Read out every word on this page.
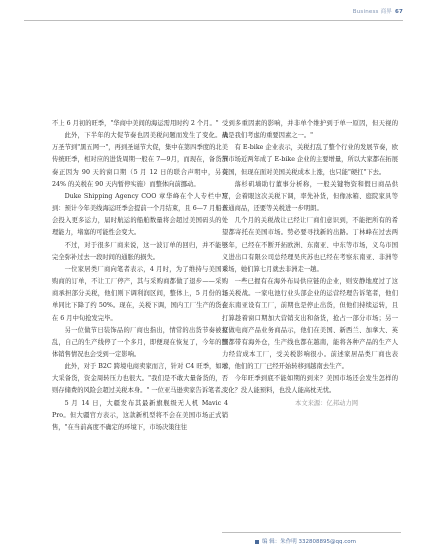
Business 商界 67

不上 6 月初的旺季，"华商中美间的海运需用时约 2 个月。"

此外，下半年的大促节奏也因美税问题而发生了变化。从万圣节到"黑五网一"，再到圣诞节大促，集中在第四季度的北美传统旺季，相对应的进货周期一般在 7—9月，而现在，备货节奏正因为 90 天的窗口期（5 月 12 日的联合声明中，另有 24% 的关税在 90 天内暂停实施）而整体向前挪动。

Duke Shipping Agency COO 章华峰在个人专栏中写到：预计今年美线海运旺季会提前一个月结束，且 6—7 月船东会投入更多运力，届时航运的船舶数量将会超过美国码头的处理能力，堵塞的可能性会变大。

不过，对于很多厂商来说，这一波订单的回归，并不能够完全弥补过去一段时间的通胀的损失。

一位家居类厂商向笔者表示，4 月时，为了维持与美国采购商的订单，不让工厂停产，其与采购商都做了退步——采购商承担部分关税，他们则下调利润区间，整体上，5 月份的订单同比下降了约 50%。现在，关税下调，国内工厂生产的货会在 6 月中旬抢发完毕。

另一位做节日装饰品的厂商也指出，情常的出货节奏被打乱，自己的生产线停了一个多月，即便现在恢复了，今年的整体销售情况也会受到一定影响。

此外，对于 B2C 跨境电商卖家而言，针对 C4 旺季，如增大采备货，资金周转压力也很大。"我们是不敢大量备货的，否则存储费的风险会超过关税本身。" 一位亚马逊卖家告诉笔者。

5 月 14 日，大疆发布其最新旗舰级无人机 Mavic 4 Pro。但大疆官方表示，这款新机型将不会在美国市场正式销售，"在当前高度不确定的环境下，市场决策往往

受到多重因素的影响，并非单个维护到于单一原因，但天视的确是我们考虑的重要因素之一。"

有 E-bike 企业表示，关税打乱了整个行业的发展节奏，欧洲市场近两年成了 E-bike 企业的主要增量，所以大家都在拓展美国，但现在面对美国关税成本上涨，也只能"硬扛"下去。

落杉矶墙助行董事分析称，一般关键物资和假日商品供应，会着眼这次关税下调，率先补货，但像冰箱、庭院家具等普通商品，还要等关税进一步明朗。

几个月的关税战让已经让厂商们意识到，不能把所有的希望都寄托在美国市场。势必要寻找新的出路。丁林峰在过去两三年，已经在不断开拓欧洲、东南亚、中东等市场，义乌市国义进出口有限公司总经理吴庆苏也已经在考察东南亚、非洲等市场，她们算七月就去非洲走一趟。

一些已握有在海外布局供应链的企业，则安静地度过了这场关税战。一家电池行业头部企业的运营经理告诉笔者，他们在东南亚设有工厂，前期也是停止出货，但他们持续运转，且打算趁着窗口期加大营销支出和备货，抢占一部分市场；另一家做电商产品业务商品示，他们在美国、新西兰、加拿大、英国都带有海外仓，生产线也都在越南，能将各种产品的生产人力经营成本工厂，受关税影响很小。前述家居品类厂商也表示，他们的工厂已经开始转移到越南去生产。

今年旺季到底不能如期的到来？美国市场还会发生怎样的变化？没人能预料，也没人能高枕无忧。

本文来源：亿邦动力网

编 辑：朱作明 332808895@qq.com
